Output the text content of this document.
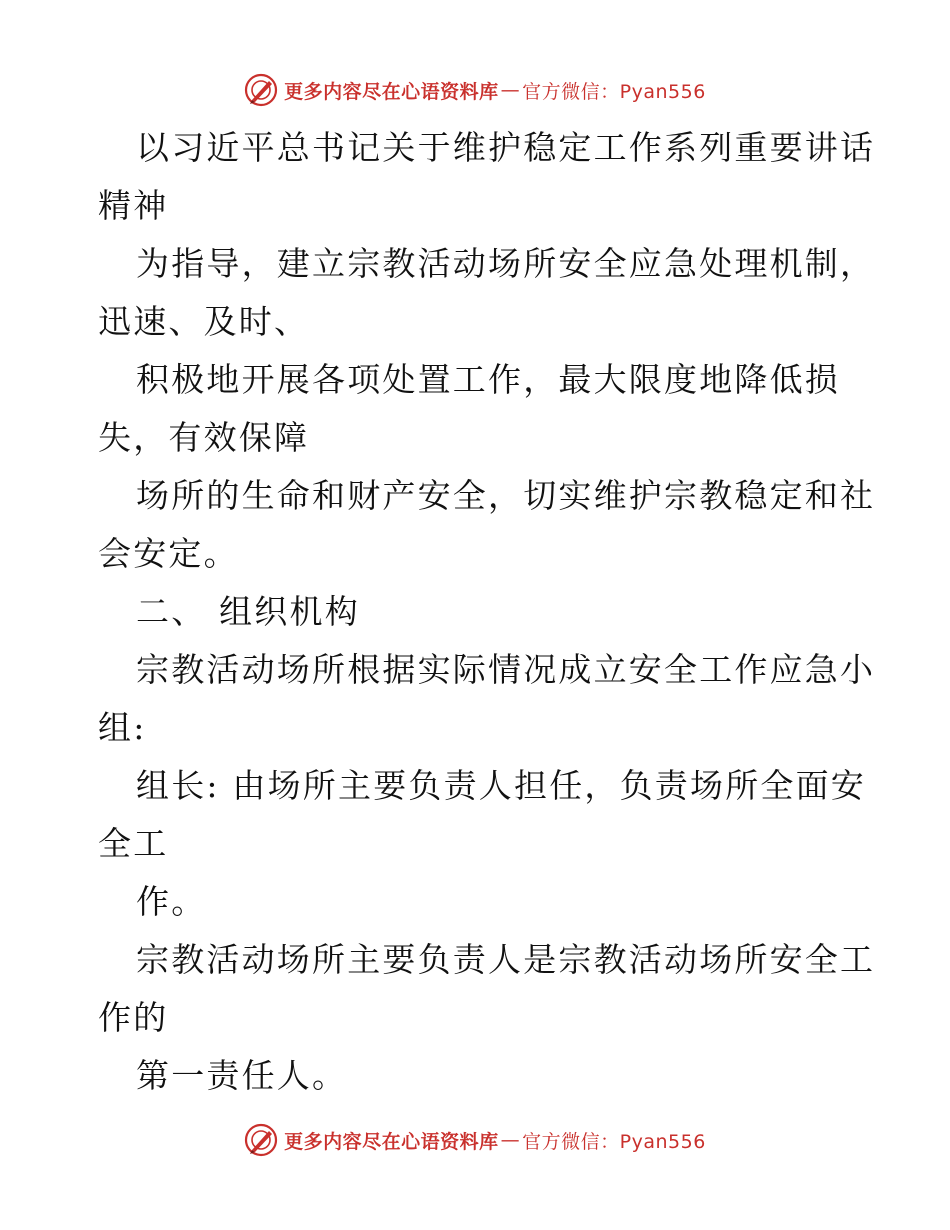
更多内容尽在心语资料库 — 官方微信：Pyan556
以习近平总书记关于维护稳定工作系列重要讲话
精神
为指导，建立宗教活动场所安全应急处理机制，
迅速、及时、
积极地开展各项处置工作，最大限度地降低损
失，有效保障
场所的生命和财产安全，切实维护宗教稳定和社
会安定。
二、 组织机构
宗教活动场所根据实际情况成立安全工作应急小
组:
组长: 由场所主要负责人担任，负责场所全面安
全工
作。
宗教活动场所主要负责人是宗教活动场所安全工
作的
第一责任人。
更多内容尽在心语资料库 — 官方微信：Pyan556
